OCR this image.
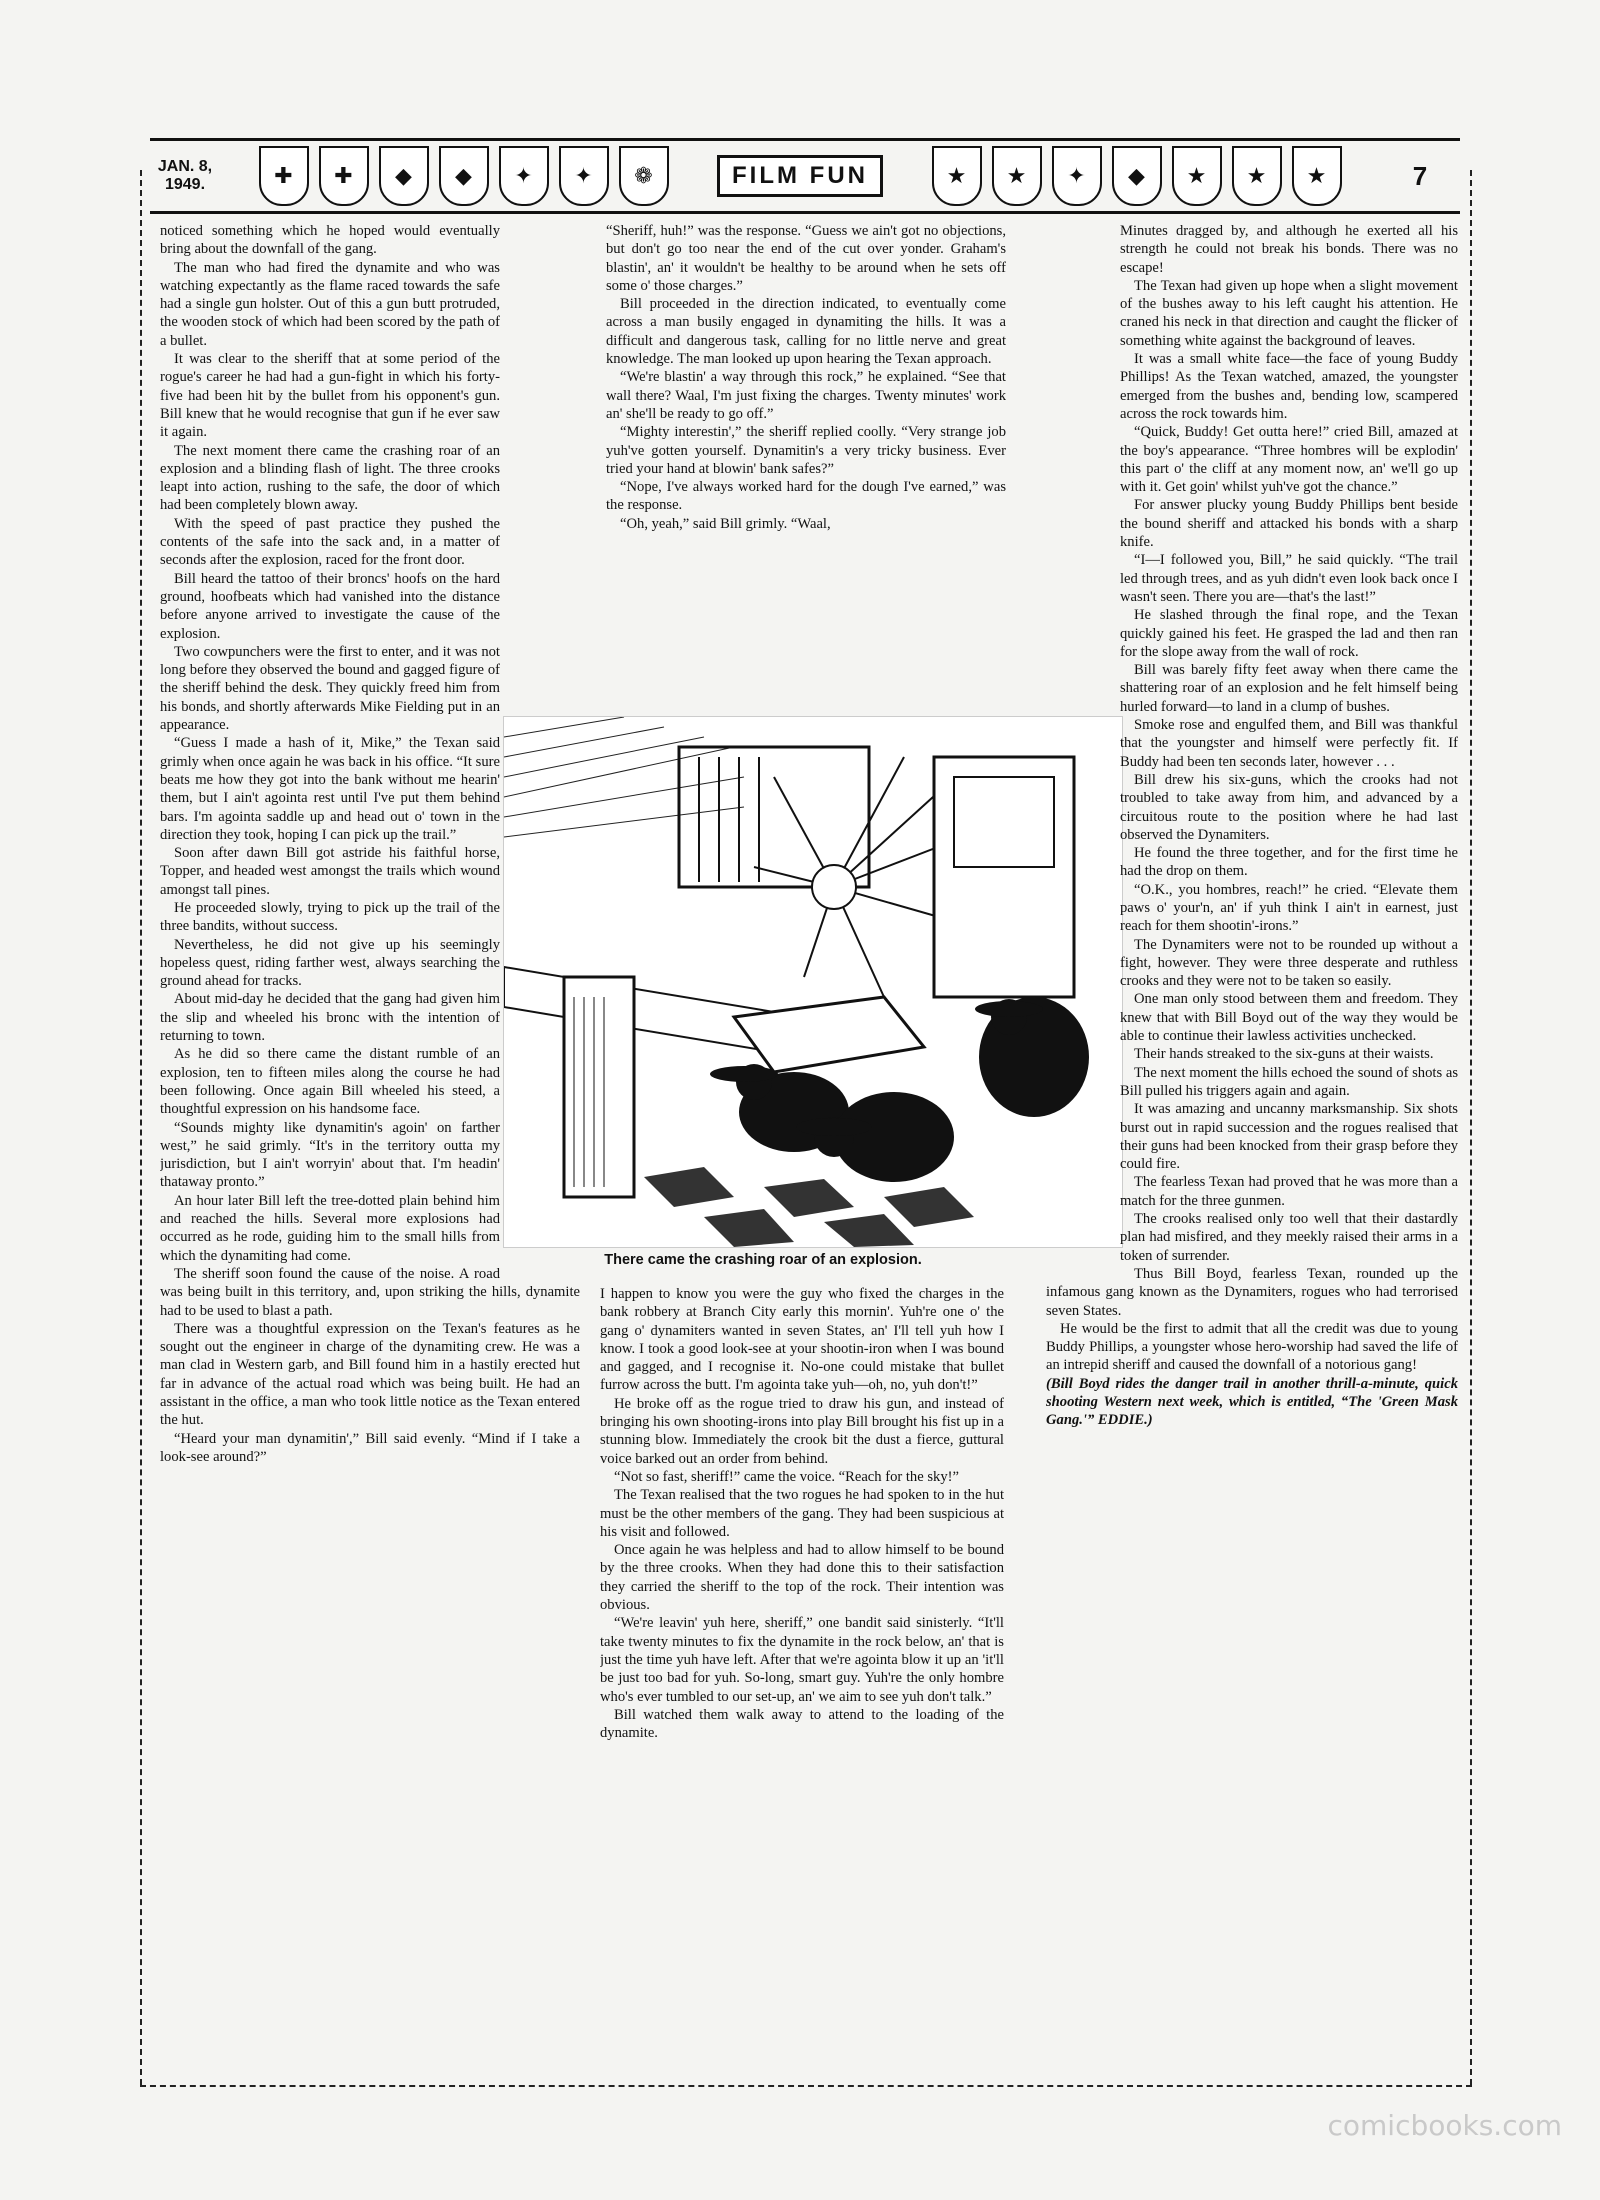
JAN. 8, 1949.	✚	✚	◆	◆	✦	✦	❁	FILM FUN	★	★	✦	◆	★	★	★	7

noticed something which he hoped would eventually bring about the downfall of the gang.

The man who had fired the dynamite and who was watching expectantly as the flame raced towards the safe had a single gun holster. Out of this a gun butt protruded, the wooden stock of which had been scored by the path of a bullet.

It was clear to the sheriff that at some period of the rogue's career he had had a gun-fight in which his forty-five had been hit by the bullet from his opponent's gun. Bill knew that he would recognise that gun if he ever saw it again.

The next moment there came the crashing roar of an explosion and a blinding flash of light. The three crooks leapt into action, rushing to the safe, the door of which had been completely blown away.

With the speed of past practice they pushed the contents of the safe into the sack and, in a matter of seconds after the explosion, raced for the front door.

Bill heard the tattoo of their broncs' hoofs on the hard ground, hoofbeats which had vanished into the distance before anyone arrived to investigate the cause of the explosion.

Two cowpunchers were the first to enter, and it was not long before they observed the bound and gagged figure of the sheriff behind the desk. They quickly freed him from his bonds, and shortly afterwards Mike Fielding put in an appearance.

“Guess I made a hash of it, Mike,” the Texan said grimly when once again he was back in his office. “It sure beats me how they got into the bank without me hearin' them, but I ain't agointa rest until I've put them behind bars. I'm agointa saddle up and head out o' town in the direction they took, hoping I can pick up the trail.”

Soon after dawn Bill got astride his faithful horse, Topper, and headed west amongst the trails which wound amongst tall pines.

He proceeded slowly, trying to pick up the trail of the three bandits, without success.

Nevertheless, he did not give up his seemingly hopeless quest, riding farther west, always searching the ground ahead for tracks.

About mid-day he decided that the gang had given him the slip and wheeled his bronc with the intention of returning to town.

As he did so there came the distant rumble of an explosion, ten to fifteen miles along the course he had been following. Once again Bill wheeled his steed, a thoughtful expression on his handsome face.

“Sounds mighty like dynamitin's agoin' on farther west,” he said grimly. “It's in the territory outta my jurisdiction, but I ain't worryin' about that. I'm headin' thataway pronto.”

An hour later Bill left the tree-dotted plain behind him and reached the hills. Several more explosions had occurred as he rode, guiding him to the small hills from which the dynamiting had come.

The sheriff soon found the cause of the noise. A road was being built in this territory, and, upon striking the hills, dynamite had to be used to blast a path.

There was a thoughtful expression on the Texan's features as he sought out the engineer in charge of the dynamiting crew. He was a man clad in Western garb, and Bill found him in a hastily erected hut far in advance of the actual road which was being built. He had an assistant in the office, a man who took little notice as the Texan entered the hut.

“Heard your man dynamitin',” Bill said evenly. “Mind if I take a look-see around?”

“Sheriff, huh!” was the response. “Guess we ain't got no objections, but don't go too near the end of the cut over yonder. Graham's blastin', an' it wouldn't be healthy to be around when he sets off some o' those charges.”

Bill proceeded in the direction indicated, to eventually come across a man busily engaged in dynamiting the hills. It was a difficult and dangerous task, calling for no little nerve and great knowledge. The man looked up upon hearing the Texan approach.

“We're blastin' a way through this rock,” he explained. “See that wall there? Waal, I'm just fixing the charges. Twenty minutes' work an' she'll be ready to go off.”

“Mighty interestin',” the sheriff replied coolly. “Very strange job yuh've gotten yourself. Dynamitin's a very tricky business. Ever tried your hand at blowin' bank safes?”

“Nope, I've always worked hard for the dough I've earned,” was the response.

“Oh, yeah,” said Bill grimly. “Waal,

There came the crashing roar of an explosion.

I happen to know you were the guy who fixed the charges in the bank robbery at Branch City early this mornin'. Yuh're one o' the gang o' dynamiters wanted in seven States, an' I'll tell yuh how I know. I took a good look-see at your shootin-iron when I was bound and gagged, and I recognise it. No-one could mistake that bullet furrow across the butt. I'm agointa take yuh—oh, no, yuh don't!”

He broke off as the rogue tried to draw his gun, and instead of bringing his own shooting-irons into play Bill brought his fist up in a stunning blow. Immediately the crook bit the dust a fierce, guttural voice barked out an order from behind.

“Not so fast, sheriff!” came the voice. “Reach for the sky!”

The Texan realised that the two rogues he had spoken to in the hut must be the other members of the gang. They had been suspicious at his visit and followed.

Once again he was helpless and had to allow himself to be bound by the three crooks. When they had done this to their satisfaction they carried the sheriff to the top of the rock. Their intention was obvious.

“We're leavin' yuh here, sheriff,” one bandit said sinisterly. “It'll take twenty minutes to fix the dynamite in the rock below, an' that is just the time yuh have left. After that we're agointa blow it up an 'it'll be just too bad for yuh. So-long, smart guy. Yuh're the only hombre who's ever tumbled to our set-up, an' we aim to see yuh don't talk.”

Bill watched them walk away to attend to the loading of the dynamite.

Minutes dragged by, and although he exerted all his strength he could not break his bonds. There was no escape!

The Texan had given up hope when a slight movement of the bushes away to his left caught his attention. He craned his neck in that direction and caught the flicker of something white against the background of leaves.

It was a small white face—the face of young Buddy Phillips! As the Texan watched, amazed, the youngster emerged from the bushes and, bending low, scampered across the rock towards him.

“Quick, Buddy! Get outta here!” cried Bill, amazed at the boy's appearance. “Three hombres will be explodin' this part o' the cliff at any moment now, an' we'll go up with it. Get goin' whilst yuh've got the chance.”

For answer plucky young Buddy Phillips bent beside the bound sheriff and attacked his bonds with a sharp knife.

“I—I followed you, Bill,” he said quickly. “The trail led through trees, and as yuh didn't even look back once I wasn't seen. There you are—that's the last!”

He slashed through the final rope, and the Texan quickly gained his feet. He grasped the lad and then ran for the slope away from the wall of rock.

Bill was barely fifty feet away when there came the shattering roar of an explosion and he felt himself being hurled forward—to land in a clump of bushes.

Smoke rose and engulfed them, and Bill was thankful that the youngster and himself were perfectly fit. If Buddy had been ten seconds later, however . . .

Bill drew his six-guns, which the crooks had not troubled to take away from him, and advanced by a circuitous route to the position where he had last observed the Dynamiters.

He found the three together, and for the first time he had the drop on them.

“O.K., you hombres, reach!” he cried. “Elevate them paws o' your'n, an' if yuh think I ain't in earnest, just reach for them shootin'-irons.”

The Dynamiters were not to be rounded up without a fight, however. They were three desperate and ruthless crooks and they were not to be taken so easily.

One man only stood between them and freedom. They knew that with Bill Boyd out of the way they would be able to continue their lawless activities unchecked.

Their hands streaked to the six-guns at their waists.

The next moment the hills echoed the sound of shots as Bill pulled his triggers again and again.

It was amazing and uncanny marksmanship. Six shots burst out in rapid succession and the rogues realised that their guns had been knocked from their grasp before they could fire.

The fearless Texan had proved that he was more than a match for the three gunmen.

The crooks realised only too well that their dastardly plan had misfired, and they meekly raised their arms in a token of surrender.

Thus Bill Boyd, fearless Texan, rounded up the infamous gang known as the Dynamiters, rogues who had terrorised seven States.

He would be the first to admit that all the credit was due to young Buddy Phillips, a youngster whose hero-worship had saved the life of an intrepid sheriff and caused the downfall of a notorious gang!

(Bill Boyd rides the danger trail in another thrill-a-minute, quick shooting Western next week, which is entitled, “The 'Green Mask Gang.'” EDDIE.)

comicbooks.com
